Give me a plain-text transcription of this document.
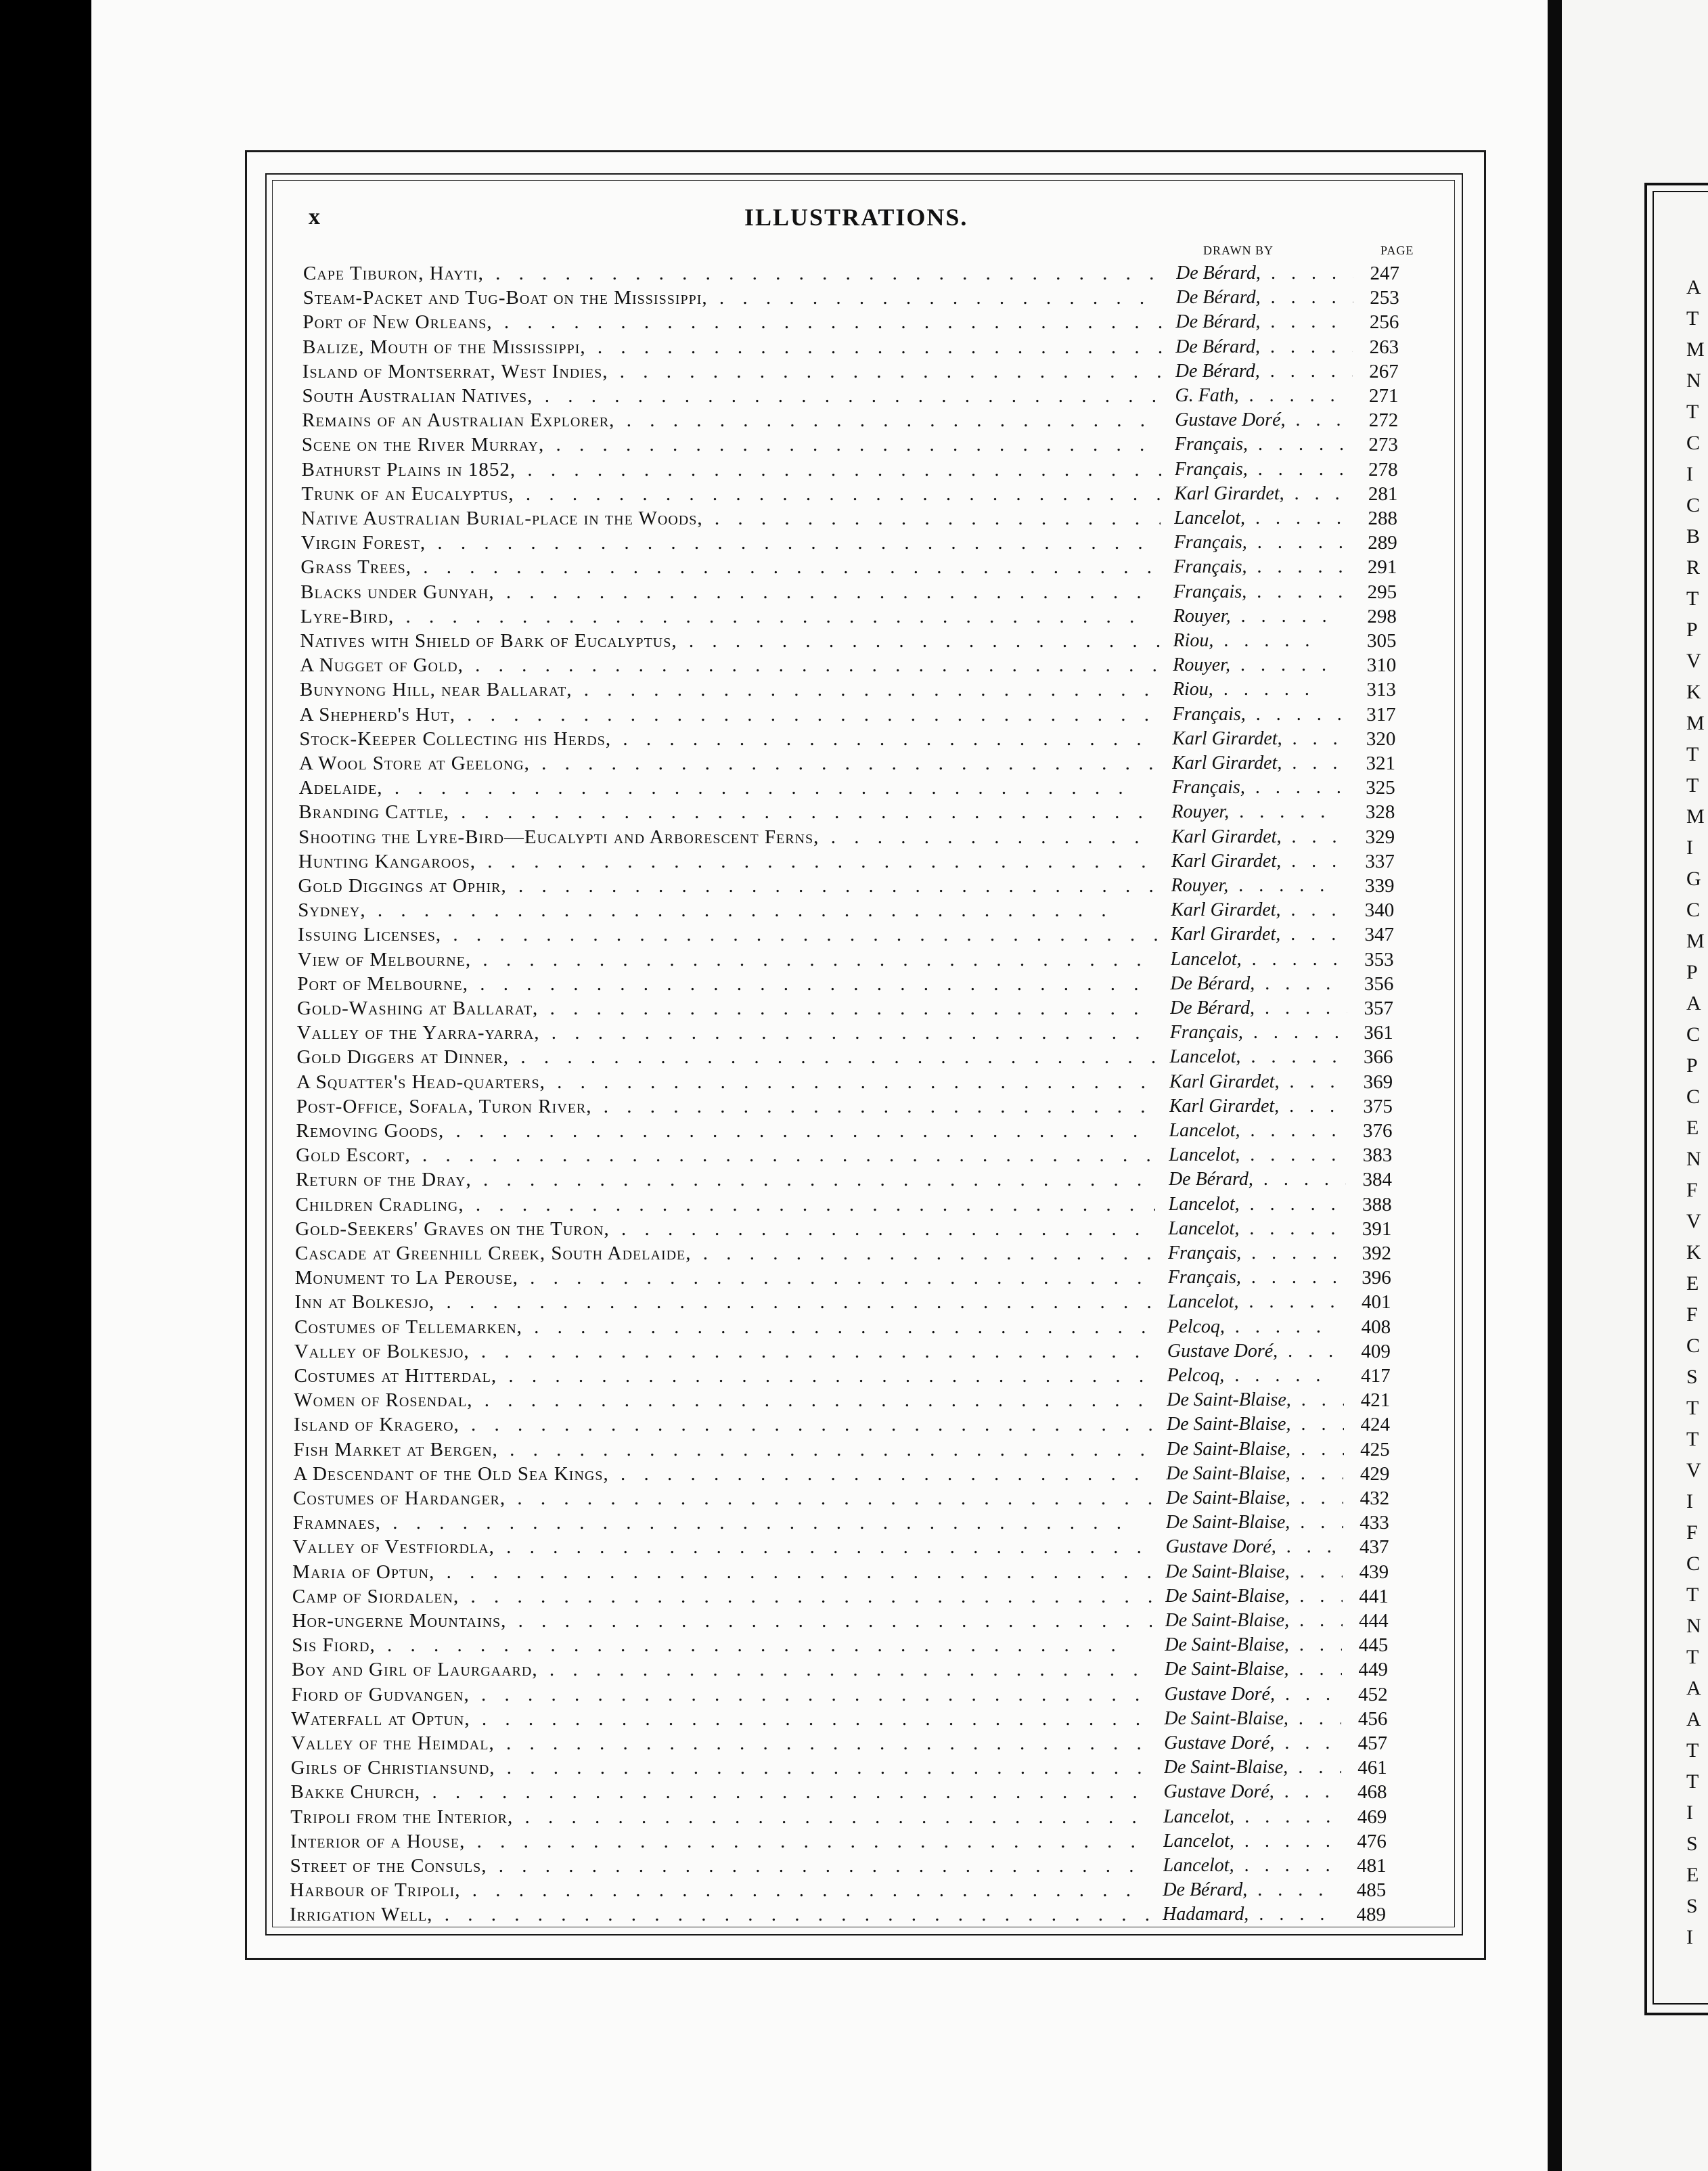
A
T
M
N
T
C
I
C
B
R
T
P
V
K
M
T
T
M
I
G
C
M
P
A
C
P
C
E
N
F
V
K
E
F
C
S
T
T
V
I
F
C
T
N
T
A
A
T
T
I
S
E
S
I
x	ILLUSTRATIONS.
DRAWN BY	PAGE
Cape Tiburon, Hayti, . .	De Bérard, . .	247
Steam-Packet and Tug-Boat on the Mississippi, . .	De Bérard, . .	253
Port of New Orleans, . .	De Bérard, . .	256
Balize, Mouth of the Mississippi, . .	De Bérard, . .	263
Island of Montserrat, West Indies, . .	De Bérard, . .	267
South Australian Natives, . .	G. Fath, . .	271
Remains of an Australian Explorer, . .	Gustave Doré, . .	272
Scene on the River Murray, . .	Français, . .	273
Bathurst Plains in 1852, . .	Français, . .	278
Trunk of an Eucalyptus, . .	Karl Girardet, . .	281
Native Australian Burial-place in the Woods, . .	Lancelot, . .	288
Virgin Forest, . .	Français, . .	289
Grass Trees, . .	Français, . .	291
Blacks under Gunyah, . .	Français, . .	295
Lyre-Bird, . .	Rouyer, . .	298
Natives with Shield of Bark of Eucalyptus, . .	Riou, . .	305
A Nugget of Gold, . .	Rouyer, . .	310
Bunynong Hill, near Ballarat, . .	Riou, . .	313
A Shepherd's Hut, . .	Français, . .	317
Stock-Keeper Collecting his Herds, . .	Karl Girardet, . .	320
A Wool Store at Geelong, . .	Karl Girardet, . .	321
Adelaide, . .	Français, . .	325
Branding Cattle, . .	Rouyer, . .	328
Shooting the Lyre-Bird—Eucalypti and Arborescent Ferns, . .	Karl Girardet, . .	329
Hunting Kangaroos, . .	Karl Girardet, . .	337
Gold Diggings at Ophir, . .	Rouyer, . .	339
Sydney, . .	Karl Girardet, . .	340
Issuing Licenses, . .	Karl Girardet, . .	347
View of Melbourne, . .	Lancelot, . .	353
Port of Melbourne, . .	De Bérard, . .	356
Gold-Washing at Ballarat, . .	De Bérard, . .	357
Valley of the Yarra-yarra, . .	Français, . .	361
Gold Diggers at Dinner, . .	Lancelot, . .	366
A Squatter's Head-quarters, . .	Karl Girardet, . .	369
Post-Office, Sofala, Turon River, . .	Karl Girardet, . .	375
Removing Goods, . .	Lancelot, . .	376
Gold Escort, . .	Lancelot, . .	383
Return of the Dray, . .	De Bérard, . .	384
Children Cradling, . .	Lancelot, . .	388
Gold-Seekers' Graves on the Turon, . .	Lancelot, . .	391
Cascade at Greenhill Creek, South Adelaide, . .	Français, . .	392
Monument to La Perouse, . .	Français, . .	396
Inn at Bolkesjo, . .	Lancelot, . .	401
Costumes of Tellemarken, . .	Pelcoq, . .	408
Valley of Bolkesjo, . .	Gustave Doré, . .	409
Costumes at Hitterdal, . .	Pelcoq, . .	417
Women of Rosendal, . .	De Saint-Blaise, . .	421
Island of Kragero, . .	De Saint-Blaise, . .	424
Fish Market at Bergen, . .	De Saint-Blaise, . .	425
A Descendant of the Old Sea Kings, . .	De Saint-Blaise, . .	429
Costumes of Hardanger, . .	De Saint-Blaise, . .	432
Framnaes, . .	De Saint-Blaise, . .	433
Valley of Vestfiordla, . .	Gustave Doré, . .	437
Maria of Optun, . .	De Saint-Blaise, . .	439
Camp of Siordalen, . .	De Saint-Blaise, . .	441
Hor-ungerne Mountains, . .	De Saint-Blaise, . .	444
Sis Fiord, . .	De Saint-Blaise, . .	445
Boy and Girl of Laurgaard, . .	De Saint-Blaise, . .	449
Fiord of Gudvangen, . .	Gustave Doré, . .	452
Waterfall at Optun, . .	De Saint-Blaise, . .	456
Valley of the Heimdal, . .	Gustave Doré, . .	457
Girls of Christiansund, . .	De Saint-Blaise, . .	461
Bakke Church, . .	Gustave Doré, . .	468
Tripoli from the Interior, . .	Lancelot, . .	469
Interior of a House, . .	Lancelot, . .	476
Street of the Consuls, . .	Lancelot, . .	481
Harbour of Tripoli, . .	De Bérard, . .	485
Irrigation Well, . .	Hadamard, . .	489
